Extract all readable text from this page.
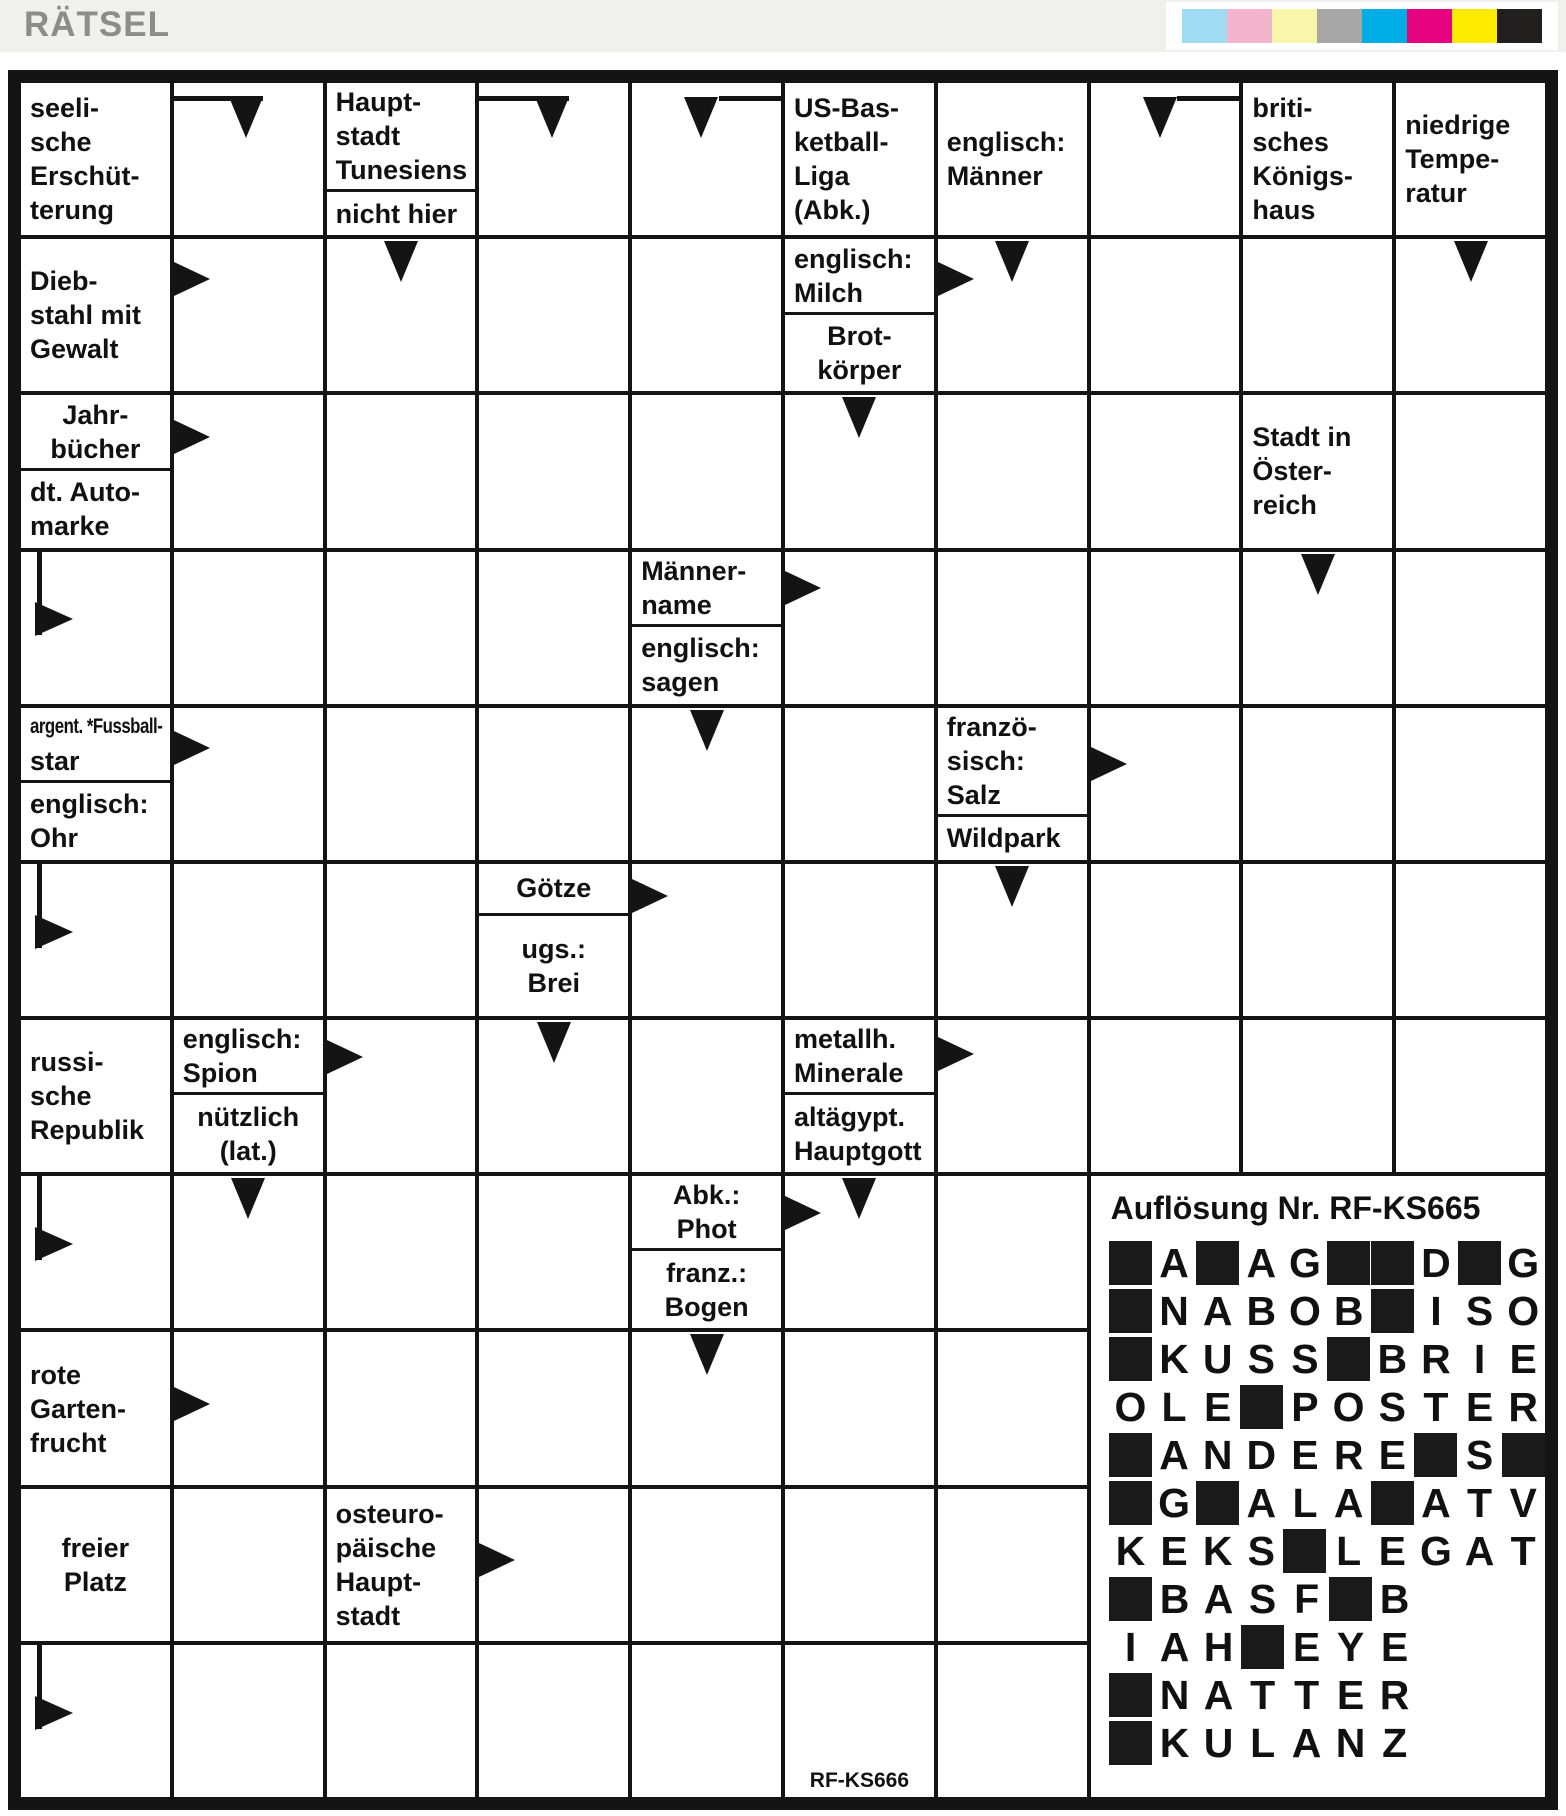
RÄTSEL
seeli-
sche
Erschüt-
terung
Haupt-
stadt
Tunesiens
nicht hier
US-Bas-
ketball-
Liga
(Abk.)
englisch:
Männer
briti-
sches
Königs-
haus
niedrige
Tempe-
ratur
Dieb-
stahl mit
Gewalt
englisch:
Milch
Brot-
körper
Jahr-
bücher
dt. Auto-
marke
Stadt in
Öster-
reich
Männer-
name
englisch:
sagen
argent. *Fussball-
star
englisch:
Ohr
franzö-
sisch:
Salz
Wildpark
Götze
ugs.:
Brei
russi-
sche
Republik
englisch:
Spion
nützlich
(lat.)
metallh.
Minerale
altägypt.
Hauptgott
Abk.:
Phot
franz.:
Bogen
rote
Garten-
frucht
freier
Platz
osteuro-
päische
Haupt-
stadt
RF-KS666
Auflösung Nr. RF-KS665
A A G D G
N A B O B	I S O
K U S S B R I E
O L E P O S T E R
A N D E R E S
G A L A A T V
K E K S L E G A T
B A S F B
I A H E Y E
N A T T E R
K U L A N Z
